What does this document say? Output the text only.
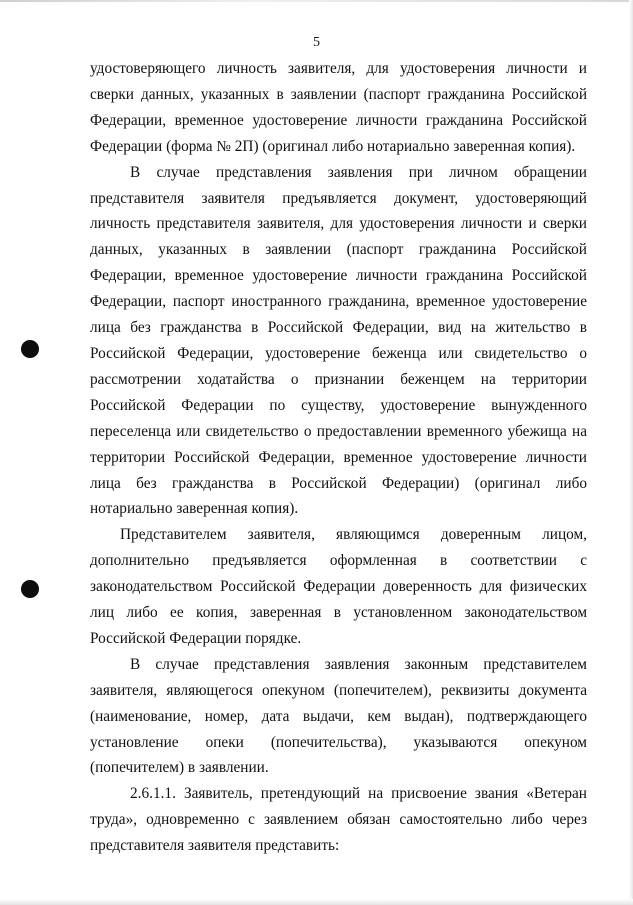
5

удостоверяющего личность заявителя, для удостоверения личности и сверки данных, указанных в заявлении (паспорт гражданина Российской Федерации, временное удостоверение личности гражданина Российской Федерации (форма № 2П) (оригинал либо нотариально заверенная копия).

В случае представления заявления при личном обращении представителя заявителя предъявляется документ, удостоверяющий личность представителя заявителя, для удостоверения личности и сверки данных, указанных в заявлении (паспорт гражданина Российской Федерации, временное удостоверение личности гражданина Российской Федерации, паспорт иностранного гражданина, временное удостоверение лица без гражданства в Российской Федерации, вид на жительство в Российской Федерации, удостоверение беженца или свидетельство о рассмотрении ходатайства о признании беженцем на территории Российской Федерации по существу, удостоверение вынужденного переселенца или свидетельство о предоставлении временного убежища на территории Российской Федерации, временное удостоверение личности лица без гражданства в Российской Федерации) (оригинал либо нотариально заверенная копия).

Представителем заявителя, являющимся доверенным лицом, дополнительно предъявляется оформленная в соответствии с законодательством Российской Федерации доверенность для физических лиц либо ее копия, заверенная в установленном законодательством Российской Федерации порядке.

В случае представления заявления законным представителем заявителя, являющегося опекуном (попечителем), реквизиты документа (наименование, номер, дата выдачи, кем выдан), подтверждающего установление опеки (попечительства), указываются опекуном (попечителем) в заявлении.

2.6.1.1. Заявитель, претендующий на присвоение звания «Ветеран труда», одновременно с заявлением обязан самостоятельно либо через представителя заявителя представить:
